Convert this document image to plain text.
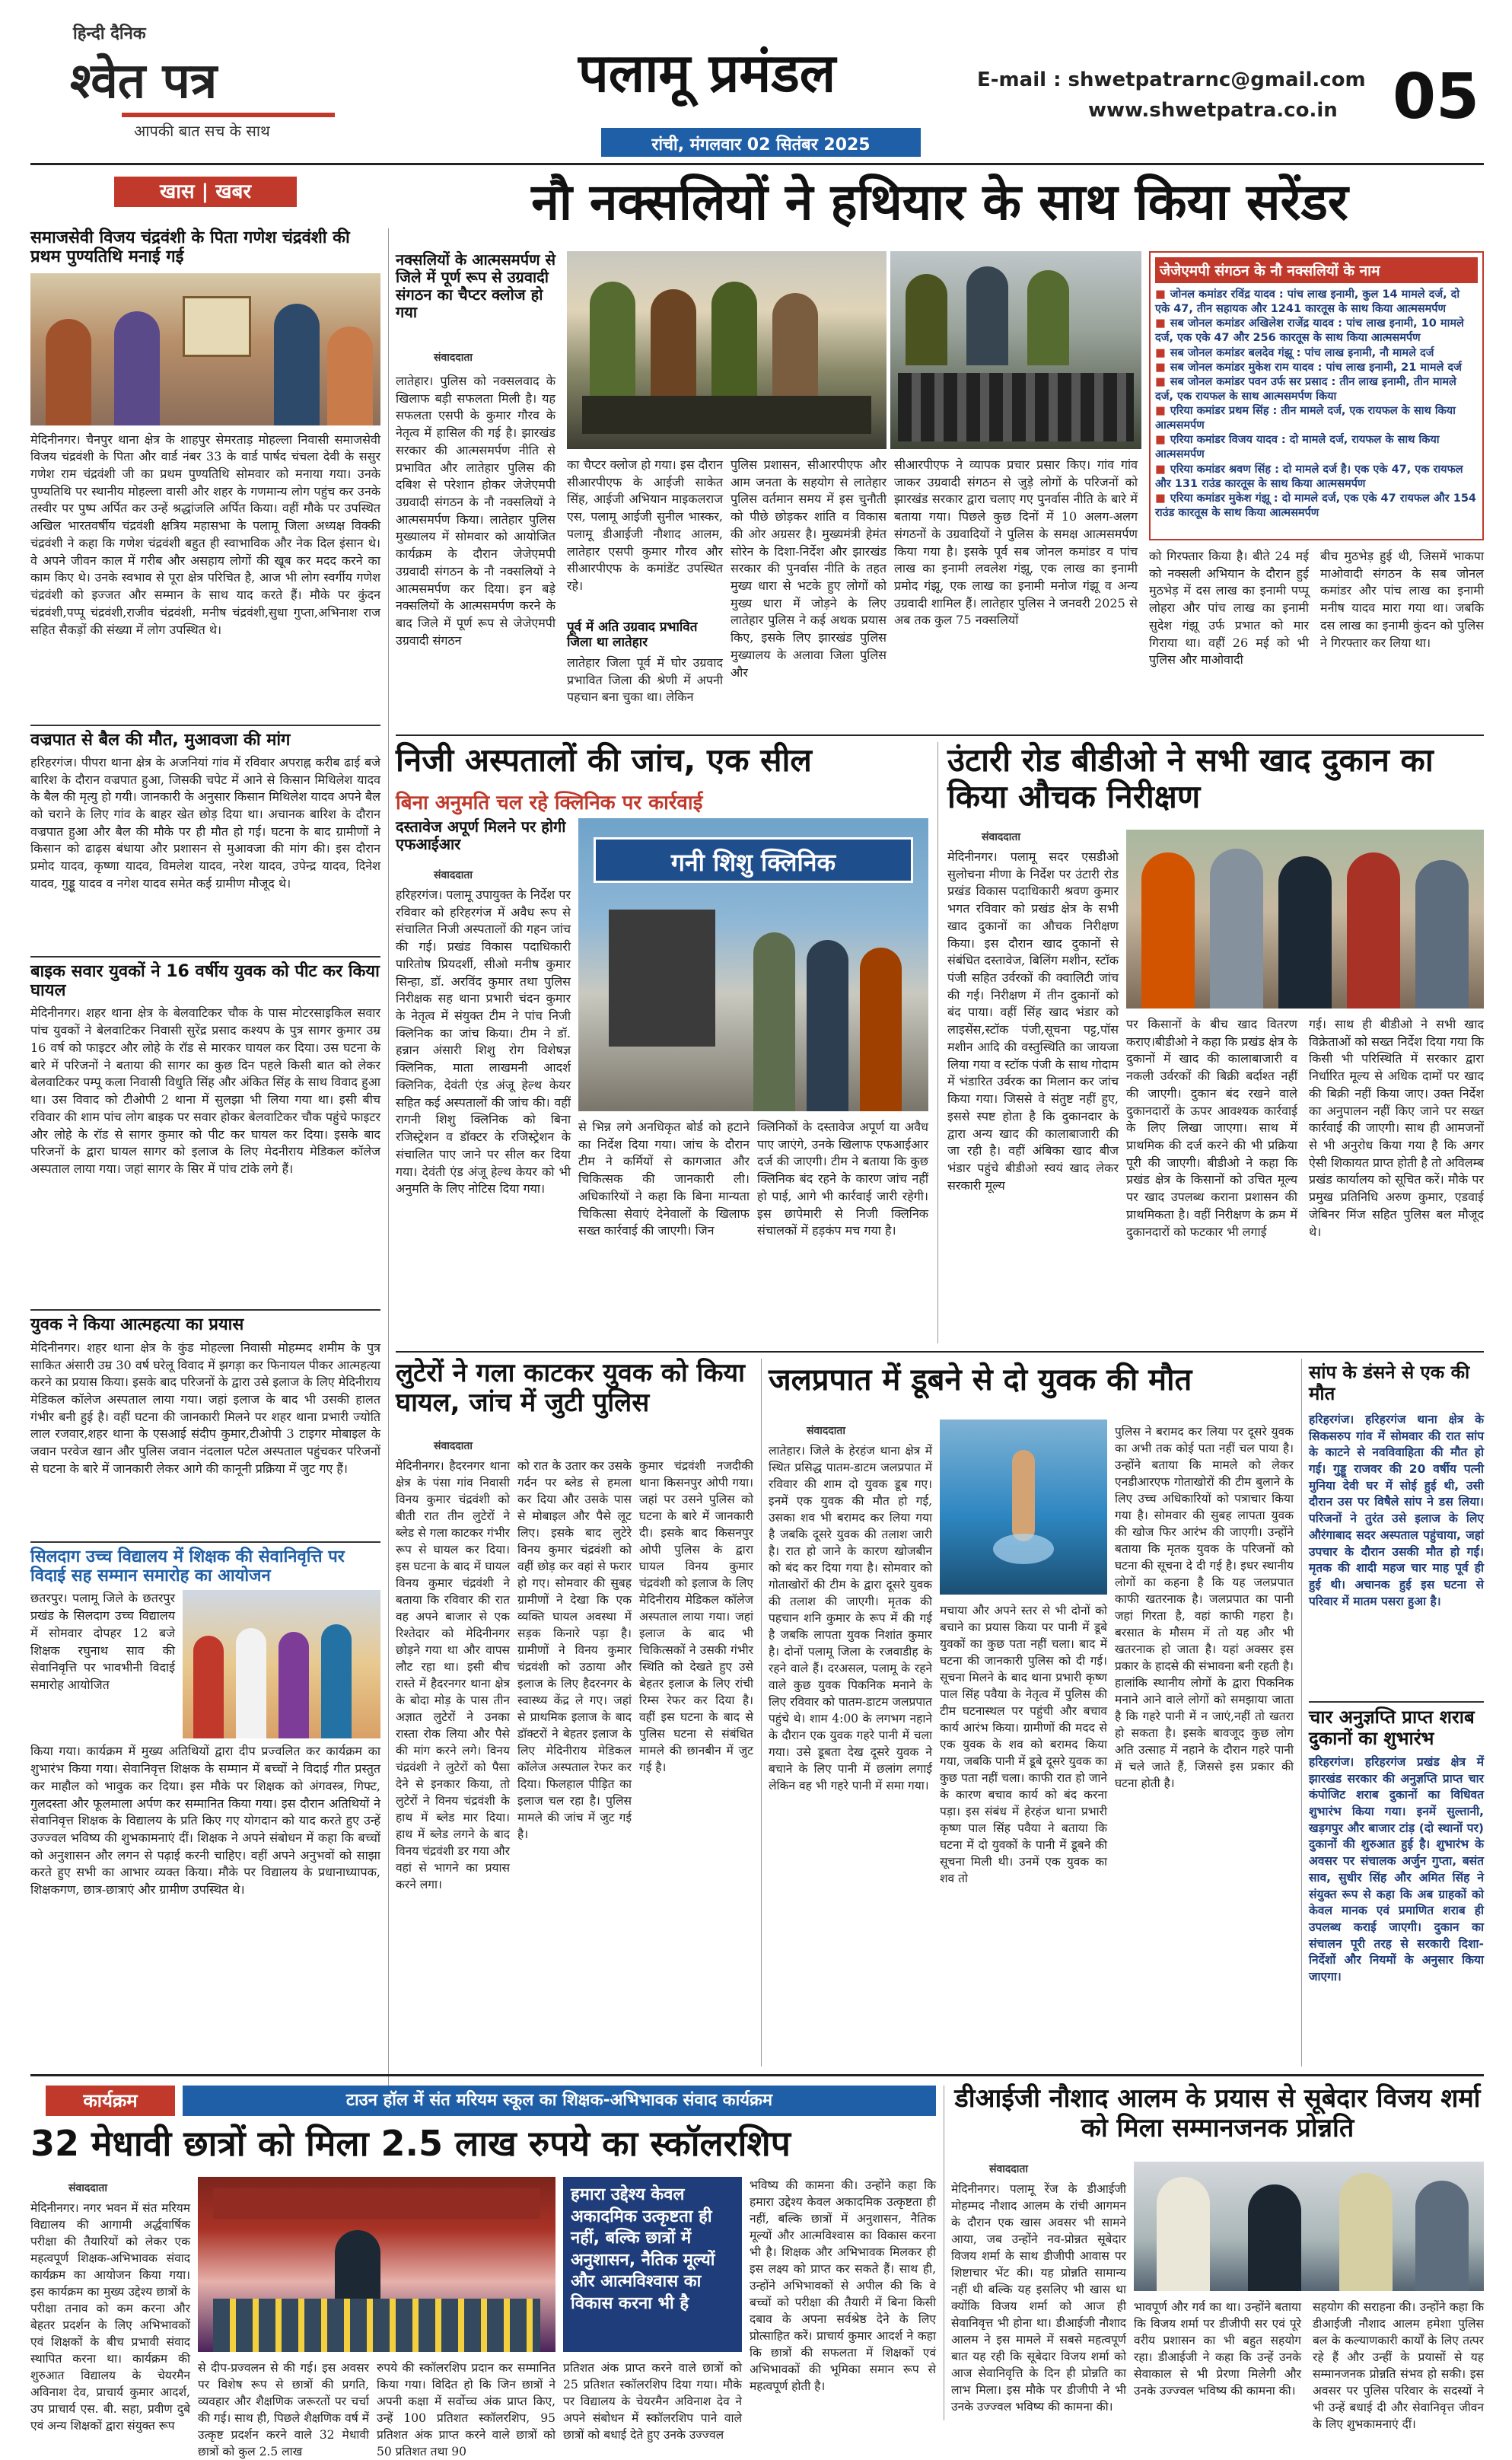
हिन्दी दैनिक
श्वेत पत्र
आपकी बात सच के साथ
पलामू प्रमंडल
रांची, मंगलवार 02 सितंबर 2025
E-mail : shwetpatrarnc@gmail.com
www.shwetpatra.co.in 05
खास | खबर
समाजसेवी विजय चंद्रवंशी के पिता गणेश चंद्रवंशी की प्रथम पुण्यतिथि मनाई गई
मेदिनीनगर। चैनपुर थाना क्षेत्र के शाहपुर सेमरताड़ मोहल्ला निवासी समाजसेवी विजय चंद्रवंशी के पिता और वार्ड नंबर 33 के वार्ड पार्षद चंचला देवी के ससुर गणेश राम चंद्रवंशी जी का प्रथम पुण्यतिथि सोमवार को मनाया गया। उनके पुण्यतिथि पर स्थानीय मोहल्ला वासी और शहर के गणमान्य लोग पहुंच कर उनके तस्वीर पर पुष्प अर्पित कर उन्हें श्रद्धांजलि अर्पित किया। वहीं मौके पर उपस्थित अखिल भारतवर्षीय चंद्रवंशी क्षत्रिय महासभा के पलामू जिला अध्यक्ष विक्की चंद्रवंशी ने कहा कि गणेश चंद्रवंशी बहुत ही स्वाभाविक और नेक दिल इंसान थे। वे अपने जीवन काल में गरीब और असहाय लोगों की खूब कर मदद करने का काम किए थे। उनके स्वभाव से पूरा क्षेत्र परिचित है, आज भी लोग स्वर्गीय गणेश चंद्रवंशी को इज्जत और सम्मान के साथ याद करते हैं। मौके पर कुंदन चंद्रवंशी,पप्पू चंद्रवंशी,राजीव चंद्रवंशी, मनीष चंद्रवंशी,सुधा गुप्ता,अभिनाश राज सहित सैकड़ों की संख्या में लोग उपस्थित थे।
वज्रपात से बैल की मौत, मुआवजा की मांग
हरिहरगंज। पीपरा थाना क्षेत्र के अजनियां गांव में रविवार अपराह्न करीब ढाई बजे बारिश के दौरान वज्रपात हुआ, जिसकी चपेट में आने से किसान मिथिलेश यादव के बैल की मृत्यु हो गयी। जानकारी के अनुसार किसान मिथिलेश यादव अपने बैल को चराने के लिए गांव के बाहर खेत छोड़ दिया था। अचानक बारिश के दौरान वज्रपात हुआ और बैल की मौके पर ही मौत हो गई। घटना के बाद ग्रामीणों ने किसान को ढाढ़स बंधाया और प्रशासन से मुआवजा की मांग की। इस दौरान प्रमोद यादव, कृष्णा यादव, विमलेश यादव, नरेश यादव, उपेन्द्र यादव, दिनेश यादव, गुड्डू यादव व नगेश यादव समेत कई ग्रामीण मौजूद थे।
बाइक सवार युवकों ने 16 वर्षीय युवक को पीट कर किया घायल
मेदिनीनगर। शहर थाना क्षेत्र के बेलवाटिकर चौक के पास मोटरसाइकिल सवार पांच युवकों ने बेलवाटिकर निवासी सुरेंद्र प्रसाद कश्यप के पुत्र सागर कुमार उम्र 16 वर्ष को फाइटर और लोहे के रॉड से मारकर घायल कर दिया। उस घटना के बारे में परिजनों ने बताया की सागर का कुछ दिन पहले किसी बात को लेकर बेलवाटिकर पम्पू कला निवासी विधुति सिंह और अंकित सिंह के साथ विवाद हुआ था। उस विवाद को टीओपी 2 थाना में सुलझा भी लिया गया था। इसी बीच रविवार की शाम पांच लोग बाइक पर सवार होकर बेलवाटिकर चौक पहुंचे फाइटर और लोहे के रॉड से सागर कुमार को पीट कर घायल कर दिया। इसके बाद परिजनों के द्वारा घायल सागर को इलाज के लिए मेदनीराय मेडिकल कॉलेज अस्पताल लाया गया। जहां सागर के सिर में पांच टांके लगे हैं।
युवक ने किया आत्महत्या का प्रयास
मेदिनीनगर। शहर थाना क्षेत्र के कुंड मोहल्ला निवासी मोहम्मद शमीम के पुत्र साकित अंसारी उम्र 30 वर्ष घरेलू विवाद में झगड़ा कर फिनायल पीकर आत्महत्या करने का प्रयास किया। इसके बाद परिजनों के द्वारा उसे इलाज के लिए मेदिनीराय मेडिकल कॉलेज अस्पताल लाया गया। जहां इलाज के बाद भी उसकी हालत गंभीर बनी हुई है। वहीं घटना की जानकारी मिलने पर शहर थाना प्रभारी ज्योति लाल रजवार,शहर थाना के एसआई संदीप कुमार,टीओपी 3 टाइगर मोबाइल के जवान परवेज खान और पुलिस जवान नंदलाल पटेल अस्पताल पहुंचकर परिजनों से घटना के बारे में जानकारी लेकर आगे की कानूनी प्रक्रिया में जुट गए हैं।
सिलदाग उच्च विद्यालय में शिक्षक की सेवानिवृत्ति पर विदाई सह सम्मान समारोह का आयोजन
छतरपुर। पलामू जिले के छतरपुर प्रखंड के सिलदाग उच्च विद्यालय में सोमवार दोपहर 12 बजे शिक्षक रघुनाथ साव की सेवानिवृत्ति पर भावभीनी विदाई समारोह आयोजित
किया गया। कार्यक्रम में मुख्य अतिथियों द्वारा दीप प्रज्वलित कर कार्यक्रम का शुभारंभ किया गया। सेवानिवृत्त शिक्षक के सम्मान में बच्चों ने विदाई गीत प्रस्तुत कर माहौल को भावुक कर दिया। इस मौके पर शिक्षक को अंगवस्त्र, गिफ्ट, गुलदस्ता और फूलमाला अर्पण कर सम्मानित किया गया। इस दौरान अतिथियों ने सेवानिवृत्त शिक्षक के विद्यालय के प्रति किए गए योगदान को याद करते हुए उन्हें उज्ज्वल भविष्य की शुभकामनाएं दीं। शिक्षक ने अपने संबोधन में कहा कि बच्चों को अनुशासन और लगन से पढ़ाई करनी चाहिए। वहीं अपने अनुभवों को साझा करते हुए सभी का आभार व्यक्त किया। मौके पर विद्यालय के प्रधानाध्यापक, शिक्षकगण, छात्र-छात्राएं और ग्रामीण उपस्थित थे।
नौ नक्सलियों ने हथियार के साथ किया सरेंडर
नक्सलियों के आत्मसमर्पण से जिले में पूर्ण रूप से उग्रवादी संगठन का चैप्टर क्लोज हो गया
संवाददाता
लातेहार। पुलिस को नक्सलवाद के खिलाफ बड़ी सफलता मिली है। यह सफलता एसपी के कुमार गौरव के नेतृत्व में हासिल की गई है। झारखंड सरकार की आत्मसमर्पण नीति से प्रभावित और लातेहार पुलिस की दबिश से परेशान होकर जेजेएमपी उग्रवादी संगठन के नौ नक्सलियों ने आत्मसमर्पण किया। लातेहार पुलिस मुख्यालय में सोमवार को आयोजित कार्यक्रम के दौरान जेजेएमपी उग्रवादी संगठन के नौ नक्सलियों ने आत्मसमर्पण कर दिया। इन बड़े नक्सलियों के आत्मसमर्पण करने के बाद जिले में पूर्ण रूप से जेजेएमपी उग्रवादी संगठन
का चैप्टर क्लोज हो गया। इस दौरान सीआरपीएफ के आईजी साकेत सिंह, आईजी अभियान माइकलराज एस, पलामू आईजी सुनील भास्कर, पलामू डीआईजी नौशाद आलम, लातेहार एसपी कुमार गौरव और सीआरपीएफ के कमांडेंट उपस्थित रहे।
पूर्व में अति उग्रवाद प्रभावित जिला था लातेहार
लातेहार जिला पूर्व में घोर उग्रवाद प्रभावित जिला की श्रेणी में अपनी पहचान बना चुका था। लेकिन
पुलिस प्रशासन, सीआरपीएफ और आम जनता के सहयोग से लातेहार पुलिस वर्तमान समय में इस चुनौती को पीछे छोड़कर शांति व विकास की ओर अग्रसर है। मुख्यमंत्री हेमंत सोरेन के दिशा-निर्देश और झारखंड सरकार की पुनर्वास नीति के तहत मुख्य धारा से भटके हुए लोगों को मुख्य धारा में जोड़ने के लिए लातेहार पुलिस ने कई अथक प्रयास किए, इसके लिए झारखंड पुलिस मुख्यालय के अलावा जिला पुलिस और
सीआरपीएफ ने व्यापक प्रचार प्रसार किए। गांव गांव जाकर उग्रवादी संगठन से जुड़े लोगों के परिजनों को झारखंड सरकार द्वारा चलाए गए पुनर्वास नीति के बारे में बताया गया। पिछले कुछ दिनों में 10 अलग-अलग संगठनों के उग्रवादियों ने पुलिस के समक्ष आत्मसमर्पण किया गया है। इसके पूर्व सब जोनल कमांडर व पांच लाख का इनामी लवलेश गंझू, एक लाख का इनामी प्रमोद गंझू, एक लाख का इनामी मनोज गंझू व अन्य उग्रवादी शामिल हैं। लातेहार पुलिस ने जनवरी 2025 से अब तक कुल 75 नक्सलियों
जेजेएमपी संगठन के नौ नक्सलियों के नाम
■ जोनल कमांडर रविंद्र यादव : पांच लाख इनामी, कुल 14 मामले दर्ज, दो एके 47, तीन सहायक और 1241 कारतूस के साथ किया आत्मसमर्पण
■ सब जोनल कमांडर अखिलेश राजेंद्र यादव : पांच लाख इनामी, 10 मामले दर्ज, एक एके 47 और 256 कारतूस के साथ किया आत्मसमर्पण
■ सब जोनल कमांडर बलदेव गंझू : पांच लाख इनामी, नौ मामले दर्ज
■ सब जोनल कमांडर मुकेश राम यादव : पांच लाख इनामी, 21 मामले दर्ज
■ सब जोनल कमांडर पवन उर्फ सर प्रसाद : तीन लाख इनामी, तीन मामले दर्ज, एक रायफल के साथ आत्मसमर्पण किया
■ एरिया कमांडर प्रथम सिंह : तीन मामले दर्ज, एक रायफल के साथ किया आत्मसमर्पण
■ एरिया कमांडर विजय यादव : दो मामले दर्ज, रायफल के साथ किया आत्मसमर्पण
■ एरिया कमांडर श्रवण सिंह : दो मामले दर्ज है। एक एके 47, एक रायफल और 131 राउंड कारतूस के साथ किया आत्मसमर्पण
■ एरिया कमांडर मुकेश गंझू : दो मामले दर्ज, एक एके 47 रायफल और 154 राउंड कारतूस के साथ किया आत्मसमर्पण
को गिरफ्तार किया है। बीते 24 मई को नक्सली अभियान के दौरान हुई मुठभेड़ में दस लाख का इनामी पप्पू लोहरा और पांच लाख का इनामी सुदेश गंझू उर्फ प्रभात को मार गिराया था। वहीं 26 मई को भी पुलिस और माओवादी
बीच मुठभेड़ हुई थी, जिसमें भाकपा माओवादी संगठन के सब जोनल कमांडर और पांच लाख का इनामी मनीष यादव मारा गया था। जबकि दस लाख का इनामी कुंदन को पुलिस ने गिरफ्तार कर लिया था।
निजी अस्पतालों की जांच, एक सील
बिना अनुमति चल रहे क्लिनिक पर कार्रवाई
दस्तावेज अपूर्ण मिलने पर होगी एफआईआर
संवाददाता
हरिहरगंज। पलामू उपायुक्त के निर्देश पर रविवार को हरिहरगंज में अवैध रूप से संचालित निजी अस्पतालों की गहन जांच की गई। प्रखंड विकास पदाधिकारी पारितोष प्रियदर्शी, सीओ मनीष कुमार सिन्हा, डॉ. अरविंद कुमार तथा पुलिस निरीक्षक सह थाना प्रभारी चंदन कुमार के नेतृत्व में संयुक्त टीम ने पांच निजी क्लिनिक का जांच किया। टीम ने डॉ. हन्नान अंसारी शिशु रोग विशेषज्ञ क्लिनिक, माता लाखमनी आदर्श क्लिनिक, देवंती एंड अंजू हेल्थ केयर सहित कई अस्पतालों की जांच की। वहीं रागनी शिशु क्लिनिक को बिना रजिस्ट्रेशन व डॉक्टर के रजिस्ट्रेशन के संचालित पाए जाने पर सील कर दिया गया। देवंती एंड अंजू हेल्थ केयर को भी अनुमति के लिए नोटिस दिया गया।
गनी शिशु क्लिनिक
से भिन्न लगे अनधिकृत बोर्ड को हटाने का निर्देश दिया गया। जांच के दौरान टीम ने कर्मियों से कागजात और चिकित्सक की जानकारी ली। अधिकारियों ने कहा कि बिना मान्यता चिकित्सा सेवाएं देनेवालों के खिलाफ सख्त कार्रवाई की जाएगी। जिन
क्लिनिकों के दस्तावेज अपूर्ण या अवैध पाए जाएंगे, उनके खिलाफ एफआईआर दर्ज की जाएगी। टीम ने बताया कि कुछ क्लिनिक बंद रहने के कारण जांच नहीं हो पाई, आगे भी कार्रवाई जारी रहेगी। इस छापेमारी से निजी क्लिनिक संचालकों में हड़कंप मच गया है।
उंटारी रोड बीडीओ ने सभी खाद दुकान का किया औचक निरीक्षण
संवाददाता
मेदिनीनगर। पलामू सदर एसडीओ सुलोचना मीणा के निर्देश पर उंटारी रोड प्रखंड विकास पदाधिकारी श्रवण कुमार भगत रविवार को प्रखंड क्षेत्र के सभी खाद दुकानों का औचक निरीक्षण किया। इस दौरान खाद दुकानों से संबंधित दस्तावेज, बिलिंग मशीन, स्टॉक पंजी सहित उर्वरकों की क्वालिटी जांच की गई। निरीक्षण में तीन दुकानों को बंद पाया। वहीं सिंह खाद भंडार को लाइसेंस,स्टॉक पंजी,सूचना पट्ट,पॉस मशीन आदि की वस्तुस्थिति का जायजा लिया गया व स्टॉक पंजी के साथ गोदाम में भंडारित उर्वरक का मिलान कर जांच किया गया। जिससे वे संतुष्ट नहीं हुए, इससे स्पष्ट होता है कि दुकानदार के द्वारा अन्य खाद की कालाबाजारी की जा रही है। वहीं अंबिका खाद बीज भंडार पहुंचे बीडीओ स्वयं खाद लेकर सरकारी मूल्य
पर किसानों के बीच खाद वितरण कराए।बीडीओ ने कहा कि प्रखंड क्षेत्र के दुकानों में खाद की कालाबाजारी व नकली उर्वरकों की बिक्री बर्दाश्त नहीं की जाएगी। दुकान बंद रखने वाले दुकानदारों के ऊपर आवश्यक कार्रवाई के लिए लिखा जाएगा। साथ में प्राथमिक की दर्ज करने की भी प्रक्रिया पूरी की जाएगी। बीडीओ ने कहा कि प्रखंड क्षेत्र के किसानों को उचित मूल्य पर खाद उपलब्ध कराना प्रशासन की प्राथमिकता है। वहीं निरीक्षण के क्रम में दुकानदारों को फटकार भी लगाई
गई। साथ ही बीडीओ ने सभी खाद विक्रेताओं को सख्त निर्देश दिया गया कि किसी भी परिस्थिति में सरकार द्वारा निर्धारित मूल्य से अधिक दामों पर खाद की बिक्री नहीं किया जाए। उक्त निर्देश का अनुपालन नहीं किए जाने पर सख्त कार्रवाई की जाएगी। साथ ही आमजनों से भी अनुरोध किया गया है कि अगर ऐसी शिकायत प्राप्त होती है तो अविलम्ब प्रखंड कार्यालय को सूचित करें। मौके पर प्रमुख प्रतिनिधि अरुण कुमार, एडवाई जेबिनर मिंज सहित पुलिस बल मौजूद थे।
लुटेरों ने गला काटकर युवक को किया घायल, जांच में जुटी पुलिस
संवाददाता
मेदिनीनगर। हैदरनगर थाना क्षेत्र के पंसा गांव निवासी विनय कुमार चंद्रवंशी को बीती रात तीन लुटेरों ने ब्लेड से गला काटकर गंभीर रूप से घायल कर दिया। इस घटना के बाद में घायल विनय कुमार चंद्रवंशी ने बताया कि रविवार की रात वह अपने बाजार से एक रिश्तेदार को मेदिनीनगर छोड़ने गया था और वापस लौट रहा था। इसी बीच रास्ते में हैदरनगर थाना क्षेत्र के बोदा मोड़ के पास तीन अज्ञात लुटेरों ने उनका रास्ता रोक लिया और पैसे की मांग करने लगे। विनय चंद्रवंशी ने लुटेरों को पैसा देने से इनकार किया, तो लुटेरों ने विनय चंद्रवंशी के हाथ में ब्लेड मार दिया। हाथ में ब्लेड लगने के बाद विनय चंद्रवंशी डर गया और वहां से भागने का प्रयास करने लगा।
को रात के उतार कर उसके गर्दन पर ब्लेड से हमला कर दिया और उसके पास से मोबाइल और पैसे लूट लिए। इसके बाद लुटेरे विनय कुमार चंद्रवंशी को वहीं छोड़ कर वहां से फरार हो गए। सोमवार की सुबह ग्रामीणों ने देखा कि एक व्यक्ति घायल अवस्था में सड़क किनारे पड़ा है। ग्रामीणों ने विनय कुमार चंद्रवंशी को उठाया और इलाज के लिए हैदरनगर के स्वास्थ्य केंद्र ले गए। जहां से प्राथमिक इलाज के बाद डॉक्टरों ने बेहतर इलाज के लिए मेदिनीराय मेडिकल कॉलेज अस्पताल रेफर कर दिया। फिलहाल पीड़ित का इलाज चल रहा है। पुलिस मामले की जांच में जुट गई है।
कुमार चंद्रवंशी नजदीकी थाना किसनपुर ओपी गया। जहां पर उसने पुलिस को घटना के बारे में जानकारी दी। इसके बाद किसनपुर ओपी पुलिस के द्वारा घायल विनय कुमार चंद्रवंशी को इलाज के लिए मेदिनीराय मेडिकल कॉलेज अस्पताल लाया गया। जहां इलाज के बाद भी चिकित्सकों ने उसकी गंभीर स्थिति को देखते हुए उसे बेहतर इलाज के लिए रांची रिम्स रेफर कर दिया है। वहीं इस घटना के बाद से पुलिस घटना से संबंधित मामले की छानबीन में जुट गई है।
जलप्रपात में डूबने से दो युवक की मौत
संवाददाता
लातेहार। जिले के हेरहंज थाना क्षेत्र में स्थित प्रसिद्ध पातम-डाटम जलप्रपात में रविवार की शाम दो युवक डूब गए। इनमें एक युवक की मौत हो गई, उसका शव भी बरामद कर लिया गया है जबकि दूसरे युवक की तलाश जारी है। रात हो जाने के कारण खोजबीन को बंद कर दिया गया है। सोमवार को गोताखोरों की टीम के द्वारा दूसरे युवक की तलाश की जाएगी। मृतक की पहचान शनि कुमार के रूप में की गई है जबकि लापता युवक निशांत कुमार है। दोनों पलामू जिला के रजवाडीह के रहने वाले हैं। दरअसल, पलामू के रहने वाले कुछ युवक पिकनिक मनाने के लिए रविवार को पातम-डाटम जलप्रपात पहुंचे थे। शाम 4:00 के लगभग नहाने के दौरान एक युवक गहरे पानी में चला गया। उसे डूबता देख दूसरे युवक ने बचाने के लिए पानी में छलांग लगाई लेकिन वह भी गहरे पानी में समा गया।
मचाया और अपने स्तर से भी दोनों को बचाने का प्रयास किया पर पानी में डूबे युवकों का कुछ पता नहीं चला। बाद में घटना की जानकारी पुलिस को दी गई। सूचना मिलने के बाद थाना प्रभारी कृष्ण पाल सिंह पवैया के नेतृत्व में पुलिस की टीम घटनास्थल पर पहुंची और बचाव कार्य आरंभ किया। ग्रामीणों की मदद से एक युवक के शव को बरामद किया गया, जबकि पानी में डूबे दूसरे युवक का कुछ पता नहीं चला। काफी रात हो जाने के कारण बचाव कार्य को बंद करना पड़ा। इस संबंध में हेरहंज थाना प्रभारी कृष्ण पाल सिंह पवैया ने बताया कि घटना में दो युवकों के पानी में डूबने की सूचना मिली थी। उनमें एक युवक का शव तो
पुलिस ने बरामद कर लिया पर दूसरे युवक का अभी तक कोई पता नहीं चल पाया है। उन्होंने बताया कि मामले को लेकर एनडीआरएफ गोताखोरों की टीम बुलाने के लिए उच्च अधिकारियों को पत्राचार किया गया है। सोमवार की सुबह लापता युवक की खोज फिर आरंभ की जाएगी। उन्होंने बताया कि मृतक युवक के परिजनों को घटना की सूचना दे दी गई है। इधर स्थानीय लोगों का कहना है कि यह जलप्रपात काफी खतरनाक है। जलप्रपात का पानी जहां गिरता है, वहां काफी गहरा है। बरसात के मौसम में तो यह और भी खतरनाक हो जाता है। यहां अक्सर इस प्रकार के हादसे की संभावना बनी रहती है। हालांकि स्थानीय लोगों के द्वारा पिकनिक मनाने आने वाले लोगों को समझाया जाता है कि गहरे पानी में न जाएं,नहीं तो खतरा हो सकता है। इसके बावजूद कुछ लोग अति उत्साह में नहाने के दौरान गहरे पानी में चले जाते हैं, जिससे इस प्रकार की घटना होती है।
सांप के डंसने से एक की मौत
हरिहरगंज। हरिहरगंज थाना क्षेत्र के सिकसरुप गांव में सोमवार की रात सांप के काटने से नवविवाहिता की मौत हो गई। गुड्डू राजवर की 20 वर्षीय पत्नी मुनिया देवी घर में सोई हुई थी, उसी दौरान उस पर विषैले सांप ने डस लिया। परिजनों ने तुरंत उसे इलाज के लिए औरंगाबाद सदर अस्पताल पहुंचाया, जहां उपचार के दौरान उसकी मौत हो गई। मृतक की शादी महज चार माह पूर्व ही हुई थी। अचानक हुई इस घटना से परिवार में मातम पसरा हुआ है।
चार अनुज्ञप्ति प्राप्त शराब दुकानों का शुभारंभ
हरिहरगंज। हरिहरगंज प्रखंड क्षेत्र में झारखंड सरकार की अनुज्ञप्ति प्राप्त चार कंपोजिट शराब दुकानों का विधिवत शुभारंभ किया गया। इनमें सुल्तानी, खड़गपुर और बाजार टांड़ (दो स्थानों पर) दुकानों की शुरुआत हुई है। शुभारंभ के अवसर पर संचालक अर्जुन गुप्ता, बसंत साव, सुधीर सिंह और अमित सिंह ने संयुक्त रूप से कहा कि अब ग्राहकों को केवल मानक एवं प्रमाणित शराब ही उपलब्ध कराई जाएगी। दुकान का संचालन पूरी तरह से सरकारी दिशा-निर्देशों और नियमों के अनुसार किया जाएगा।
कार्यक्रम	टाउन हॉल में संत मरियम स्कूल का शिक्षक-अभिभावक संवाद कार्यक्रम
32 मेधावी छात्रों को मिला 2.5 लाख रुपये का स्कॉलरशिप
संवाददाता
मेदिनीनगर। नगर भवन में संत मरियम विद्यालय की आगामी अर्द्धवार्षिक परीक्षा की तैयारियों को लेकर एक महत्वपूर्ण शिक्षक-अभिभावक संवाद कार्यक्रम का आयोजन किया गया। इस कार्यक्रम का मुख्य उद्देश्य छात्रों के परीक्षा तनाव को कम करना और बेहतर प्रदर्शन के लिए अभिभावकों एवं शिक्षकों के बीच प्रभावी संवाद स्थापित करना था। कार्यक्रम की शुरुआत विद्यालय के चेयरमैन अविनाश देव, प्राचार्य कुमार आदर्श, उप प्राचार्य एस. बी. सहा, प्रवीण दुबे एवं अन्य शिक्षकों द्वारा संयुक्त रूप
से दीप-प्रज्वलन से की गई। इस अवसर पर विशेष रूप से छात्रों की प्रगति, व्यवहार और शैक्षणिक जरूरतों पर चर्चा की गई। साथ ही, पिछले शैक्षणिक वर्ष में उत्कृष्ट प्रदर्शन करने वाले 32 मेधावी छात्रों को कुल 2.5 लाख
रुपये की स्कॉलरशिप प्रदान कर सम्मानित किया गया। विदित हो कि जिन छात्रों ने अपनी कक्षा में सर्वोच्च अंक प्राप्त किए, उन्हें 100 प्रतिशत स्कॉलरशिप, 95 प्रतिशत अंक प्राप्त करने वाले छात्रों को 50 प्रतिशत तथा 90
हमारा उद्देश्य केवल अकादमिक उत्कृष्टता ही नहीं, बल्कि छात्रों में अनुशासन, नैतिक मूल्यों और आत्मविश्वास का विकास करना भी है
प्रतिशत अंक प्राप्त करने वाले छात्रों को 25 प्रतिशत स्कॉलरशिप दिया गया। मौके पर विद्यालय के चेयरमैन अविनाश देव ने अपने संबोधन में स्कॉलरशिप पाने वाले छात्रों को बधाई देते हुए उनके उज्ज्वल
भविष्य की कामना की। उन्होंने कहा कि हमारा उद्देश्य केवल अकादमिक उत्कृष्टता ही नहीं, बल्कि छात्रों में अनुशासन, नैतिक मूल्यों और आत्मविश्वास का विकास करना भी है। शिक्षक और अभिभावक मिलकर ही इस लक्ष्य को प्राप्त कर सकते हैं। साथ ही, उन्होंने अभिभावकों से अपील की कि वे बच्चों को परीक्षा की तैयारी में बिना किसी दबाव के अपना सर्वश्रेष्ठ देने के लिए प्रोत्साहित करें। प्राचार्य कुमार आदर्श ने कहा कि छात्रों की सफलता में शिक्षकों एवं अभिभावकों की भूमिका समान रूप से महत्वपूर्ण होती है।
डीआईजी नौशाद आलम के प्रयास से सूबेदार विजय शर्मा को मिला सम्मानजनक प्रोन्नति
संवाददाता
मेदिनीनगर। पलामू रेंज के डीआईजी मोहम्मद नौशाद आलम के रांची आगमन के दौरान एक खास अवसर भी सामने आया, जब उन्होंने नव-प्रोन्नत सूबेदार विजय शर्मा के साथ डीजीपी आवास पर शिष्टाचार भेंट की। यह प्रोन्नति सामान्य नहीं थी बल्कि यह इसलिए भी खास था क्योंकि विजय शर्मा को आज ही सेवानिवृत्त भी होना था। डीआईजी नौशाद आलम ने इस मामले में सबसे महत्वपूर्ण बात यह रही कि सूबेदार विजय शर्मा को आज सेवानिवृत्ति के दिन ही प्रोन्नति का लाभ मिला। इस मौके पर डीजीपी ने भी उनके उज्ज्वल भविष्य की कामना की।
भावपूर्ण और गर्व का था। उन्होंने बताया कि विजय शर्मा पर डीजीपी सर एवं पूरे वरीय प्रशासन का भी बहुत सहयोग रहा। डीआईजी ने कहा कि उन्हें उनके सेवाकाल से भी प्रेरणा मिलेगी और उनके उज्ज्वल भविष्य की कामना की।
सहयोग की सराहना की। उन्होंने कहा कि डीआईजी नौशाद आलम हमेशा पुलिस बल के कल्याणकारी कार्यों के लिए तत्पर रहे हैं और उन्हीं के प्रयासों से यह सम्मानजनक प्रोन्नति संभव हो सकी। इस अवसर पर पुलिस परिवार के सदस्यों ने भी उन्हें बधाई दी और सेवानिवृत्त जीवन के लिए शुभकामनाएं दीं।
